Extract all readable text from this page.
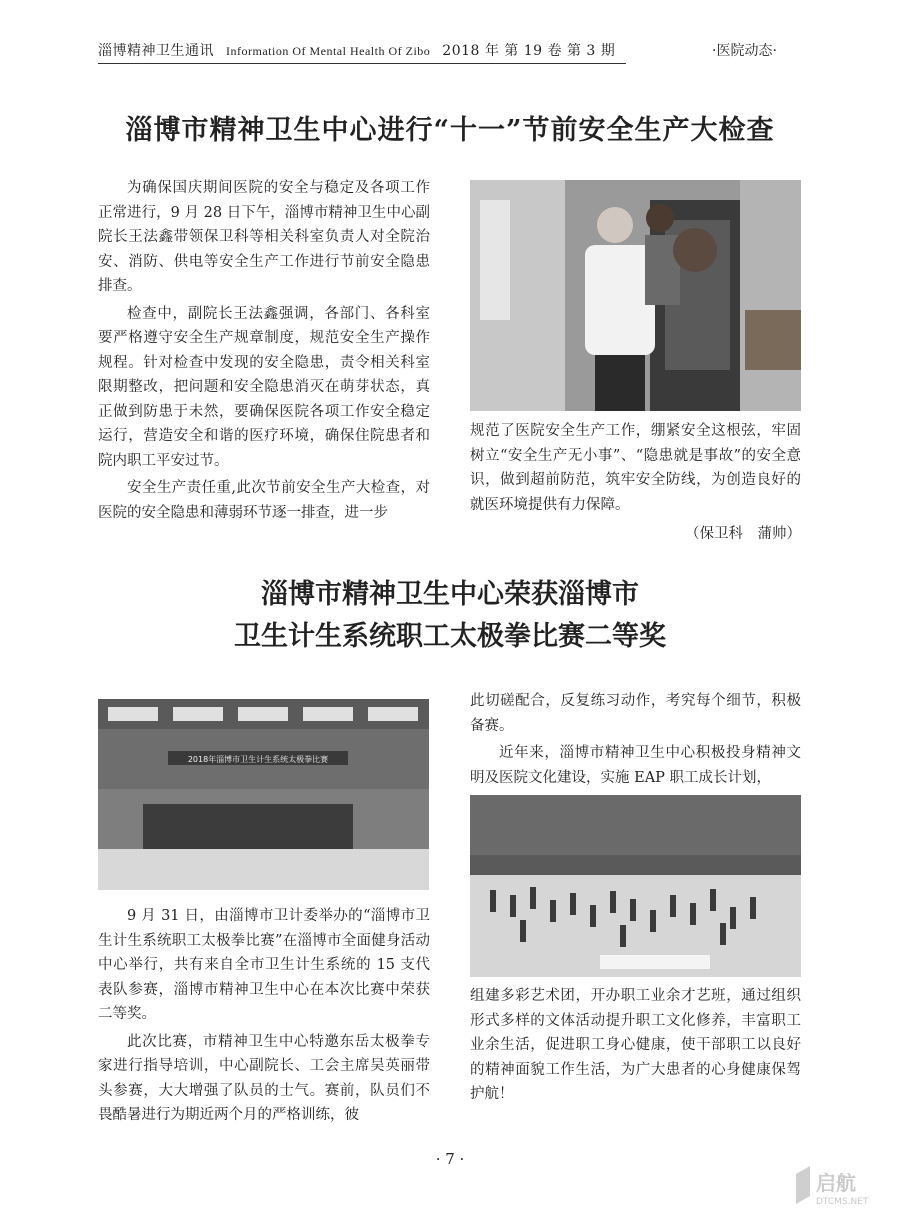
淄博精神卫生通讯 Information Of Mental Health Of Zibo 2018 年 第 19 卷 第 3 期	·医院动态·
淄博市精神卫生中心进行“十一”节前安全生产大检查

为确保国庆期间医院的安全与稳定及各项工作正常进行，9 月 28 日下午，淄博市精神卫生中心副院长王法鑫带领保卫科等相关科室负责人对全院治安、消防、供电等安全生产工作进行节前安全隐患排查。

检查中，副院长王法鑫强调，各部门、各科室要严格遵守安全生产规章制度，规范安全生产操作规程。针对检查中发现的安全隐患，责令相关科室限期整改，把问题和安全隐患消灭在萌芽状态，真正做到防患于未然，要确保医院各项工作安全稳定运行，营造安全和谐的医疗环境，确保住院患者和院内职工平安过节。

安全生产责任重,此次节前安全生产大检查，对医院的安全隐患和薄弱环节逐一排查，进一步

规范了医院安全生产工作，绷紧安全这根弦，牢固树立“安全生产无小事”、“隐患就是事故”的安全意识，做到超前防范，筑牢安全防线，为创造良好的就医环境提供有力保障。

（保卫科　蒲帅）
淄博市精神卫生中心荣获淄博市
卫生计生系统职工太极拳比赛二等奖
2018年淄博市卫生计生系统太极拳比赛

9 月 31 日，由淄博市卫计委举办的“淄博市卫生计生系统职工太极拳比赛”在淄博市全面健身活动中心举行，共有来自全市卫生计生系统的 15 支代表队参赛，淄博市精神卫生中心在本次比赛中荣获二等奖。

此次比赛，市精神卫生中心特邀东岳太极拳专家进行指导培训，中心副院长、工会主席吴英丽带头参赛，大大增强了队员的士气。赛前，队员们不畏酷暑进行为期近两个月的严格训练，彼

此切磋配合，反复练习动作，考究每个细节，积极备赛。

近年来，淄博市精神卫生中心积极投身精神文明及医院文化建设，实施 EAP 职工成长计划，

组建多彩艺术团，开办职工业余才艺班，通过组织形式多样的文体活动提升职工文化修养，丰富职工业余生活，促进职工身心健康，使干部职工以良好的精神面貌工作生活，为广大患者的心身健康保驾护航！

· 7 ·
启航
DTCMS.NET
